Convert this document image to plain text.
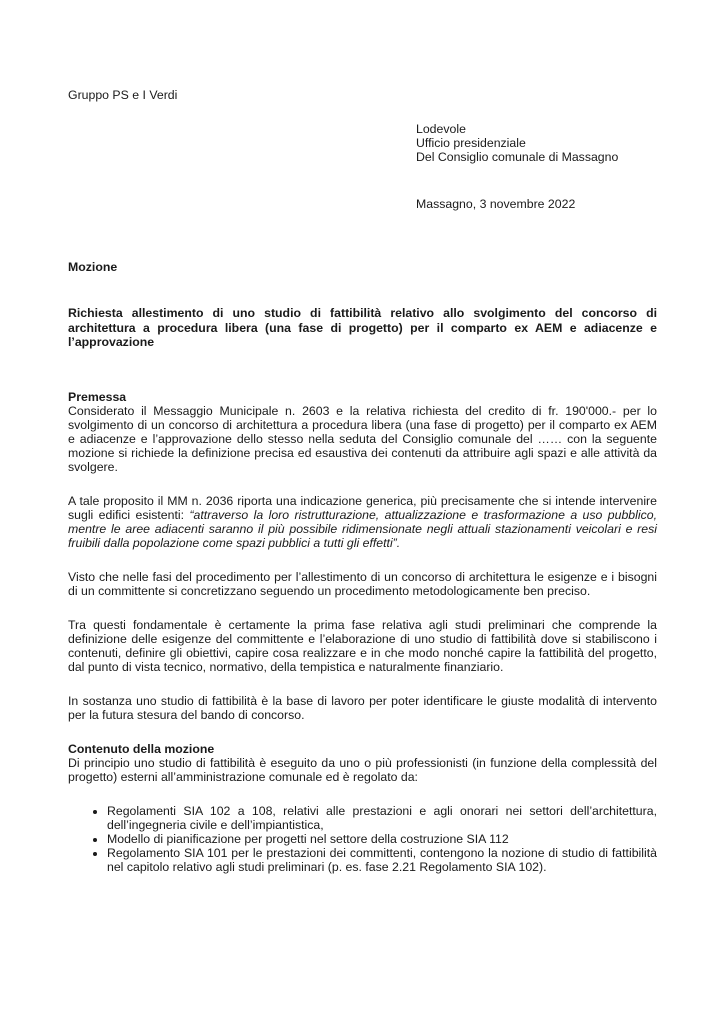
Gruppo PS e I Verdi
Lodevole
Ufficio presidenziale
Del Consiglio comunale di Massagno
Massagno, 3 novembre 2022
Mozione
Richiesta allestimento di uno studio di fattibilità relativo allo svolgimento del concorso di architettura a procedura libera (una fase di progetto) per il comparto ex AEM e adiacenze e l’approvazione
Premessa

Considerato il Messaggio Municipale n. 2603 e la relativa richiesta del credito di fr. 190'000.- per lo svolgimento di un concorso di architettura a procedura libera (una fase di progetto) per il comparto ex AEM e adiacenze e l’approvazione dello stesso nella seduta del Consiglio comunale del …… con la seguente mozione si richiede la definizione precisa ed esaustiva dei contenuti da attribuire agli spazi e alle attività da svolgere.

A tale proposito il MM n. 2036 riporta una indicazione generica, più precisamente che si intende intervenire sugli edifici esistenti: “attraverso la loro ristrutturazione, attualizzazione e trasformazione a uso pubblico, mentre le aree adiacenti saranno il più possibile ridimensionate negli attuali stazionamenti veicolari e resi fruibili dalla popolazione come spazi pubblici a tutti gli effetti”.

Visto che nelle fasi del procedimento per l’allestimento di un concorso di architettura le esigenze e i bisogni di un committente si concretizzano seguendo un procedimento metodologicamente ben preciso.

Tra questi fondamentale è certamente la prima fase relativa agli studi preliminari che comprende la definizione delle esigenze del committente e l’elaborazione di uno studio di fattibilità dove si stabiliscono i contenuti, definire gli obiettivi, capire cosa realizzare e in che modo nonché capire la fattibilità del progetto, dal punto di vista tecnico, normativo, della tempistica e naturalmente finanziario.

In sostanza uno studio di fattibilità è la base di lavoro per poter identificare le giuste modalità di intervento per la futura stesura del bando di concorso.

Contenuto della mozione

Di principio uno studio di fattibilità è eseguito da uno o più professionisti (in funzione della complessità del progetto) esterni all’amministrazione comunale ed è regolato da:

• Regolamenti SIA 102 a 108, relativi alle prestazioni e agli onorari nei settori dell’architettura, dell’ingegneria civile e dell’impiantistica,
• Modello di pianificazione per progetti nel settore della costruzione SIA 112
• Regolamento SIA 101 per le prestazioni dei committenti, contengono la nozione di studio di fattibilità nel capitolo relativo agli studi preliminari (p. es. fase 2.21 Regolamento SIA 102).
